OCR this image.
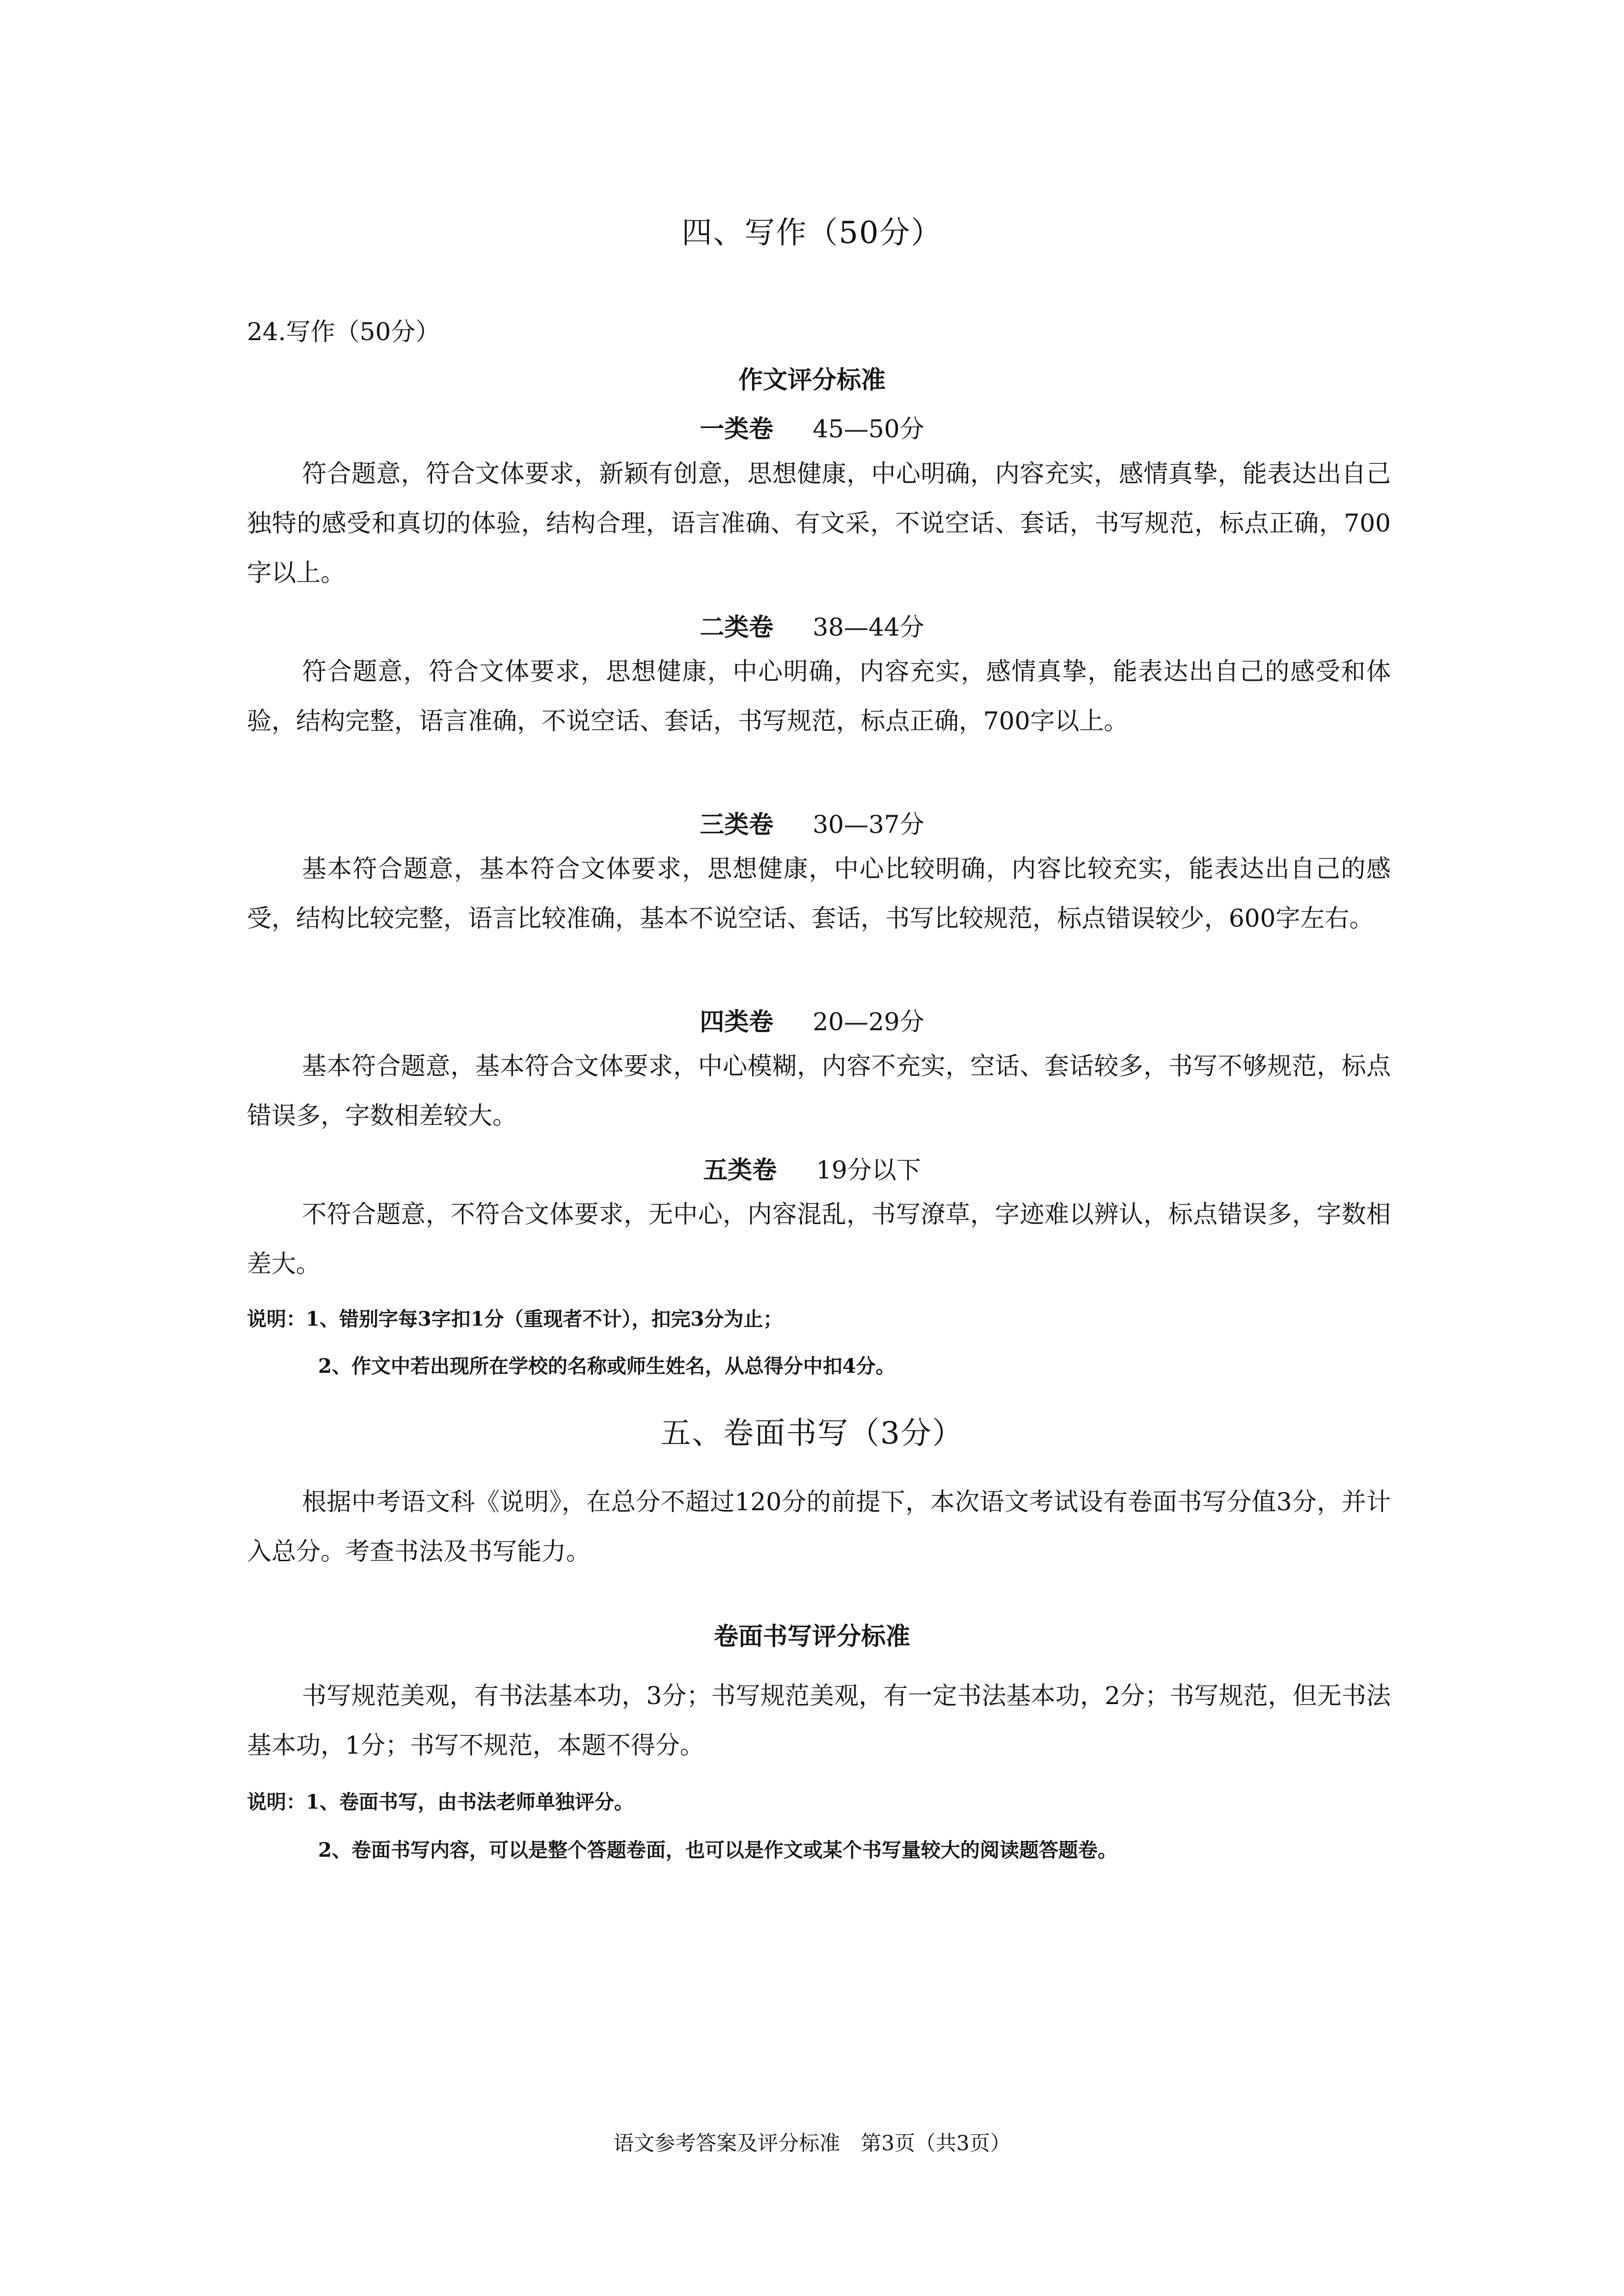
四、写作（50分）

24.写作（50分）

作文评分标准

一类卷 45—50分

符合题意，符合文体要求，新颖有创意，思想健康，中心明确，内容充实，感情真挚，能表达出自己独特的感受和真切的体验，结构合理，语言准确、有文采，不说空话、套话，书写规范，标点正确，700字以上。

二类卷 38—44分

符合题意，符合文体要求，思想健康，中心明确，内容充实，感情真挚，能表达出自己的感受和体验，结构完整，语言准确，不说空话、套话，书写规范，标点正确，700字以上。

三类卷 30—37分

基本符合题意，基本符合文体要求，思想健康，中心比较明确，内容比较充实，能表达出自己的感受，结构比较完整，语言比较准确，基本不说空话、套话，书写比较规范，标点错误较少，600字左右。

四类卷 20—29分

基本符合题意，基本符合文体要求，中心模糊，内容不充实，空话、套话较多，书写不够规范，标点错误多，字数相差较大。

五类卷 19分以下

不符合题意，不符合文体要求，无中心，内容混乱，书写潦草，字迹难以辨认，标点错误多，字数相差大。

说明：1、错别字每3字扣1分（重现者不计），扣完3分为止；

2、作文中若出现所在学校的名称或师生姓名，从总得分中扣4分。

五、卷面书写（3分）

根据中考语文科《说明》，在总分不超过120分的前提下，本次语文考试设有卷面书写分值3分，并计入总分。考查书法及书写能力。

卷面书写评分标准

书写规范美观，有书法基本功，3分；书写规范美观，有一定书法基本功，2分；书写规范，但无书法基本功，1分；书写不规范，本题不得分。

说明：1、卷面书写，由书法老师单独评分。

2、卷面书写内容，可以是整个答题卷面，也可以是作文或某个书写量较大的阅读题答题卷。

语文参考答案及评分标准　第3页（共3页）
